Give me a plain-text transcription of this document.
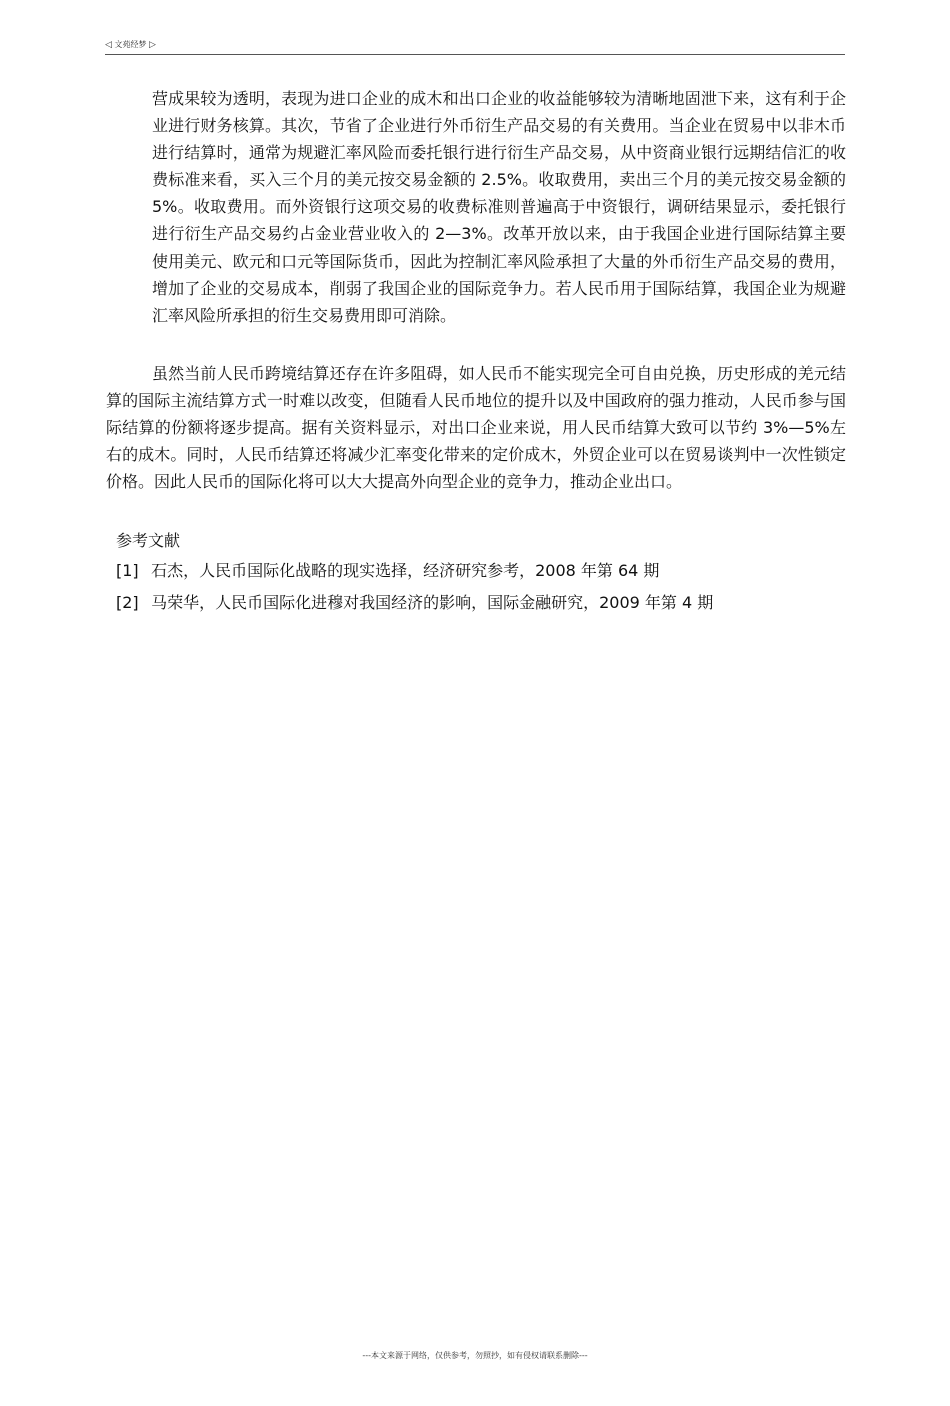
◁ 文苑经梦 ▷

营成果较为透明，表现为进口企业的成木和出口企业的收益能够较为清晰地固泄下来，这有利于企业进行财务核算。其次，节省了企业进行外币衍生产品交易的有关费用。当企业在贸易中以非木币进行结算时，通常为规避汇率风险而委托银行进行衍生产品交易，从中资商业银行远期结信汇的收费标准来看，买入三个月的美元按交易金额的 2.5%。收取费用，卖出三个月的美元按交易金额的 5%。收取费用。而外资银行这项交易的收费标准则普遍高于中资银行，调研结果显示，委托银行进行衍生产品交易约占金业营业收入的 2—3%。改革开放以来，由于我国企业进行国际结算主要使用美元、欧元和口元等国际货币，因此为控制汇率风险承担了大量的外币衍生产品交易的费用，增加了企业的交易成本，削弱了我国企业的国际竞争力。若人民币用于国际结算，我国企业为规避汇率风险所承担的衍生交易费用即可消除。

虽然当前人民币跨境结算还存在许多阻碍，如人民币不能实现完全可自由兑换，历史形成的羌元结算的国际主流结算方式一时难以改变，但随看人民币地位的提升以及中国政府的强力推动，人民币参与国际结算的份额将逐步提高。据有关资料显示，对出口企业来说，用人民币结算大致可以节约 3%—5%左右的成木。同时，人民币结算还将减少汇率变化带来的定价成木，外贸企业可以在贸易谈判中一次性锁定价格。因此人民币的国际化将可以大大提高外向型企业的竞争力，推动企业出口。

参考文献
[1] 石杰，人民币国际化战略的现实选择，经济研究参考，2008 年第 64 期
[2] 马荣华，人民币国际化进穆对我国经济的影响，国际金融研究，2009 年第 4 期
---本文来源于网络，仅供参考，勿照抄，如有侵权请联系删除---
